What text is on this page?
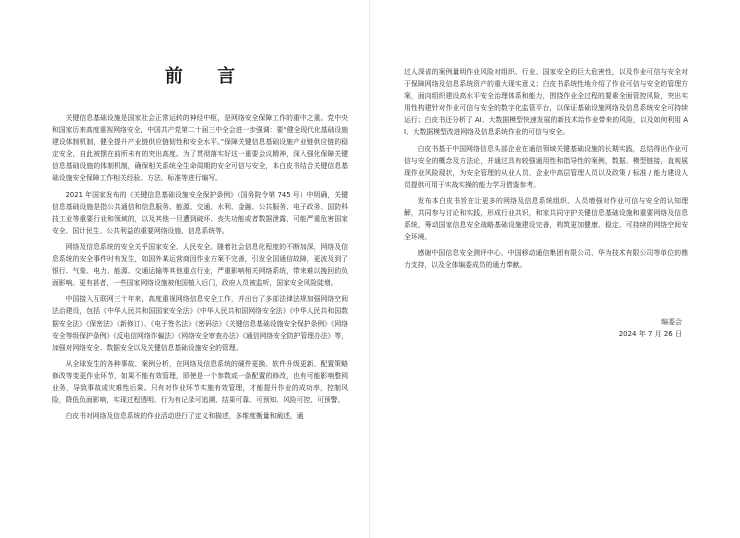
前 言

关键信息基础设施是国家社会正常运转的神经中枢，是网络安全保障工作的重中之重。党中央和国家历来高度重视网络安全，中国共产党第二十届三中全会进一步强调：要“健全现代化基础设施建设体制机制，健全提升产业链供应链韧性和安全水平。”保障关键信息基础设施产业链供应链的稳定安全，自此被摆在前所未有的突出高度。为了贯彻落实好这一重要会议精神，深入强化保障关键信息基础设施的体制机制，确保相关系统全生命周期的安全可信与安全，本白皮书结合关键信息基础设施安全保障工作相关经验、方法、标准等进行编写。

2021 年国家发布的《关键信息基础设施安全保护条例》（国务院令第 745 号）中明确，关键信息基础设施是指公共通信和信息服务、能源、交通、水利、金融、公共服务、电子政务、国防科技工业等重要行业和领域的，以及其他一旦遭到破坏、丧失功能或者数据泄露，可能严重危害国家安全、国计民生、公共利益的重要网络设施、信息系统等。

网络及信息系统的安全关乎国家安全、人民安全。随着社会信息化程度的不断加深，网络及信息系统的安全事件时有发生，如国外某运营商因作业方案不完善，引发全国通信故障，更波及到了银行、气象、电力、能源、交通运输等其他重点行业，严重影响相关网络系统，带来难以挽回的负面影响。更有甚者，一些国家网络设施被他国植入后门，政府人员被监听，国家安全风险陡增。

中国接入互联网三十年来，高度重视网络信息安全工作，并出台了多部法律法规加强网络空间法治建设，包括《中华人民共和国国家安全法》《中华人民共和国网络安全法》《中华人民共和国数据安全法》《保密法》（新修订）、《电子签名法》《密码法》《关键信息基础设施安全保护条例》《网络安全等级保护条例》《反电信网络诈骗法》《网络安全审查办法》《通信网络安全防护管理办法》等，加强对网络安全、数据安全以及关键信息基础设施安全的管理。

从全球发生的各种事故、案例分析，在网络及信息系统的硬件更换、软件升级更新、配置策略修改等变更作业环节，如果不能有效管理，即使是一个参数或一条配置的修改，也有可能影响整网业务，导致事故或灾难性后果。只有对作业环节实施有效管理，才能提升作业的成功率，控制风险，降低负面影响，实现过程透明、行为有记录可追溯、结果可靠、可预知、风险可控、可预警。

白皮书对网络及信息系统的作业活动进行了定义和描述，多维度衡量和阐述，通

过人深省的案例量明作业风险对组织、行业、国家安全的巨大危害性，以及作业可信与安全对于保障网络及信息系统资产的重大现实意义；白皮书系统性地介绍了作业可信与安全的管理方案，面向组织建设高水平安全治理体系和能力，围绕作业全过程的要素全面管控风险，突出实用性构建针对作业可信与安全的数字化监管平台，以保证基础设施网络及信息系统安全可持续运行；白皮书还分析了 AI、大数据模型快速发展的新技术给作业带来的风险，以及如何利用 AI、大数据模型改进网络及信息系统作业的可信与安全。

白皮书基于中国网络信息头部企业在通信领域关键基础设施的长期实践，总结得出作业可信与安全的概念及方法论，并通过具有较强通用性和指导性的案例，数据、模型链接，直观展现作业风险现状，为安全管理的从业人员、企业中高层管理人员以及政策 / 标准 / 能力建设人员提供可用于实战实操的能力学习借鉴参考。

发布本白皮书旨在让更多的网络及信息系统组织、人员增强对作业可信与安全的认知理解，共同参与讨论和实践，形成行业共识，和家共同守护关键信息基础设施和重要网络及信息系统，筹动国家信息安全战略基础设施建设完善，构筑更加健康、稳定、可持续的网络空间安全环境。

感谢中国信息安全测评中心、中国移动通信集团有限公司、华为技术有限公司等单位的鼎力支持，以及全体编委成员的通力奉献。

编委会

2024 年 7 月 26 日
